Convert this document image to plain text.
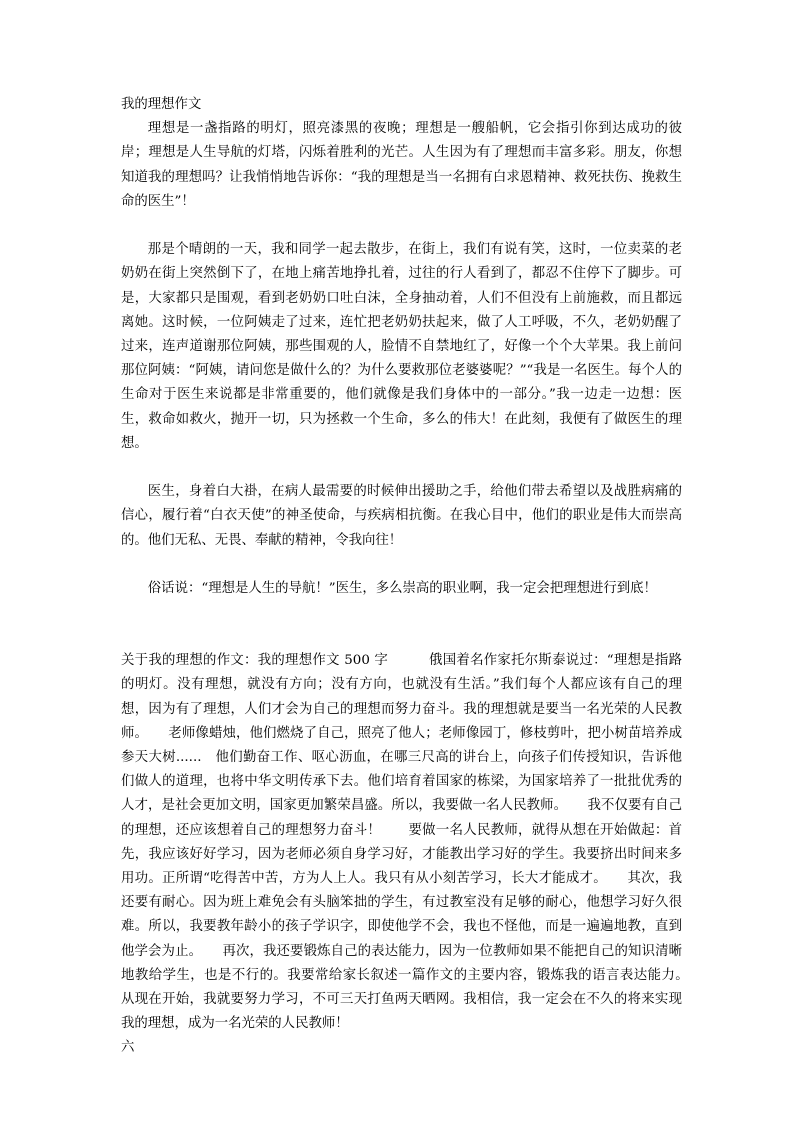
我的理想作文

理想是一盏指路的明灯，照亮漆黑的夜晚；理想是一艘船帆，它会指引你到达成功的彼岸；理想是人生导航的灯塔，闪烁着胜利的光芒。人生因为有了理想而丰富多彩。朋友，你想知道我的理想吗？让我悄悄地告诉你：“我的理想是当一名拥有白求恩精神、救死扶伤、挽救生命的医生”！

那是个晴朗的一天，我和同学一起去散步，在街上，我们有说有笑，这时，一位卖菜的老奶奶在街上突然倒下了，在地上痛苦地挣扎着，过往的行人看到了，都忍不住停下了脚步。可是，大家都只是围观，看到老奶奶口吐白沫，全身抽动着，人们不但没有上前施救，而且都远离她。这时候，一位阿姨走了过来，连忙把老奶奶扶起来，做了人工呼吸，不久，老奶奶醒了过来，连声道谢那位阿姨，那些围观的人，脸情不自禁地红了，好像一个个大苹果。我上前问那位阿姨：“阿姨，请问您是做什么的？为什么要救那位老婆婆呢？”“我是一名医生。每个人的生命对于医生来说都是非常重要的，他们就像是我们身体中的一部分。”我一边走一边想：医生，救命如救火，抛开一切，只为拯救一个生命，多么的伟大！在此刻，我便有了做医生的理想。

医生，身着白大褂，在病人最需要的时候伸出援助之手，给他们带去希望以及战胜病痛的信心，履行着“白衣天使”的神圣使命，与疾病相抗衡。在我心目中，他们的职业是伟大而崇高的。他们无私、无畏、奉献的精神，令我向往！

俗话说：“理想是人生的导航！”医生，多么崇高的职业啊，我一定会把理想进行到底！

关于我的理想的作文：我的理想作文 500 字　　　俄国着名作家托尔斯泰说过：“理想是指路的明灯。没有理想，就没有方向；没有方向，也就没有生活。”我们每个人都应该有自己的理想，因为有了理想，人们才会为自己的理想而努力奋斗。我的理想就是要当一名光荣的人民教师。　　老师像蜡烛，他们燃烧了自己，照亮了他人；老师像园丁，修枝剪叶，把小树苗培养成参天大树......　他们勤奋工作、呕心沥血，在哪三尺高的讲台上，向孩子们传授知识，告诉他们做人的道理，也将中华文明传承下去。他们培育着国家的栋梁，为国家培养了一批批优秀的人才，是社会更加文明，国家更加繁荣昌盛。所以，我要做一名人民教师。　　我不仅要有自己的理想，还应该想着自己的理想努力奋斗！　　要做一名人民教师，就得从想在开始做起：首先，我应该好好学习，因为老师必须自身学习好，才能教出学习好的学生。我要挤出时间来多用功。正所谓“吃得苦中苦，方为人上人。我只有从小刻苦学习，长大才能成才。　　其次，我还要有耐心。因为班上难免会有头脑笨拙的学生，有过教室没有足够的耐心，他想学习好久很难。所以，我要教年龄小的孩子学识字，即使他学不会，我也不怪他，而是一遍遍地教，直到他学会为止。　　再次，我还要锻炼自己的表达能力，因为一位教师如果不能把自己的知识清晰地教给学生，也是不行的。我要常给家长叙述一篇作文的主要内容，锻炼我的语言表达能力。　　从现在开始，我就要努力学习，不可三天打鱼两天晒网。我相信，我一定会在不久的将来实现我的理想，成为一名光荣的人民教师！

六
